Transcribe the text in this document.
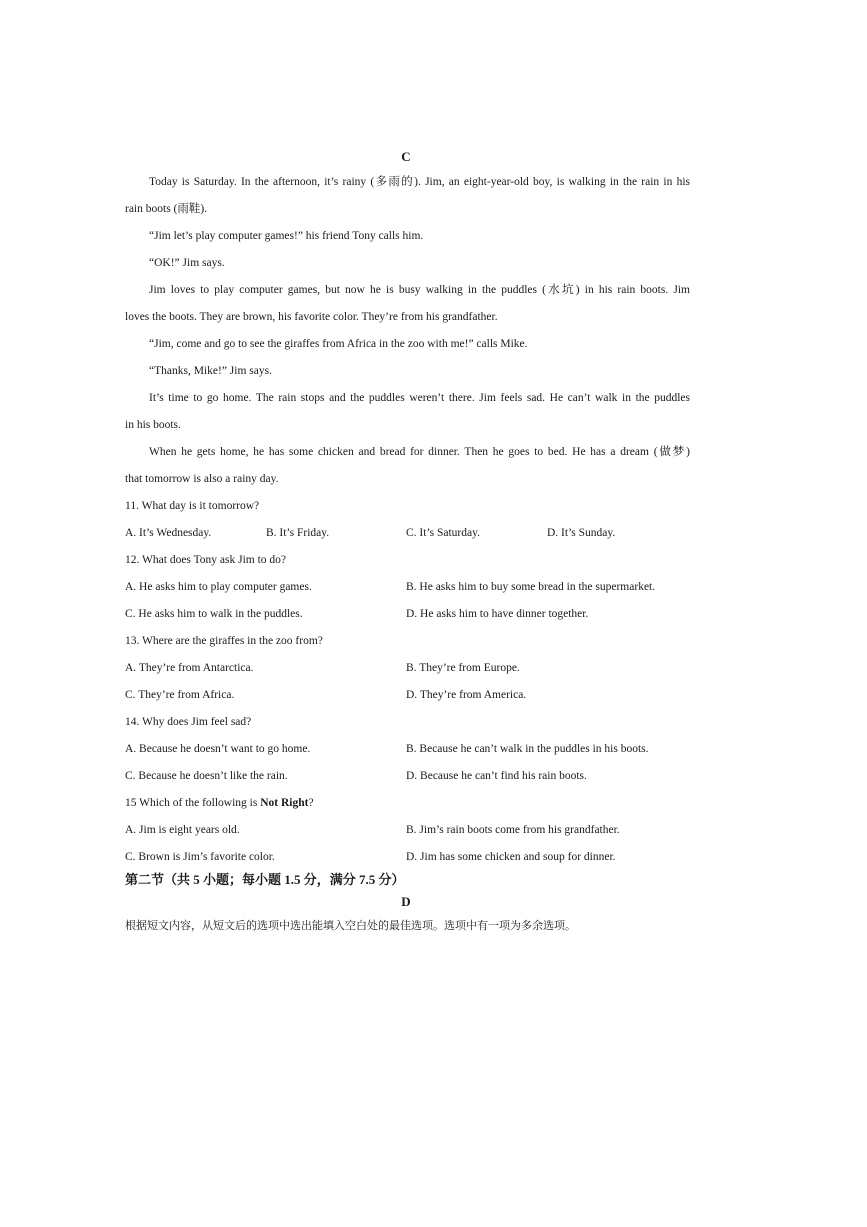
C
Today is Saturday. In the afternoon, it’s rainy (多雨的). Jim, an eight-year-old boy, is walking in the rain in his
rain boots (雨鞋).
“Jim let’s play computer games!” his friend Tony calls him.
“OK!” Jim says.
Jim loves to play computer games, but now he is busy walking in the puddles (水坑) in his rain boots. Jim
loves the boots. They are brown, his favorite color. They’re from his grandfather.
“Jim, come and go to see the giraffes from Africa in the zoo with me!” calls Mike.
“Thanks, Mike!” Jim says.
It’s time to go home. The rain stops and the puddles weren’t there. Jim feels sad. He can’t walk in the puddles
in his boots.
When he gets home, he has some chicken and bread for dinner. Then he goes to bed. He has a dream (做梦)
that tomorrow is also a rainy day.
11. What day is it tomorrow?
A. It’s Wednesday.	B. It’s Friday.	C. It’s Saturday.	D. It’s Sunday.
12. What does Tony ask Jim to do?
A. He asks him to play computer games.	B. He asks him to buy some bread in the supermarket.
C. He asks him to walk in the puddles.	D. He asks him to have dinner together.
13. Where are the giraffes in the zoo from?
A. They’re from Antarctica.	B. They’re from Europe.
C. They’re from Africa.	D. They’re from America.
14. Why does Jim feel sad?
A. Because he doesn’t want to go home.	B. Because he can’t walk in the puddles in his boots.
C. Because he doesn’t like the rain.	D. Because he can’t find his rain boots.
15 Which of the following is Not Right?
A. Jim is eight years old.	B. Jim’s rain boots come from his grandfather.
C. Brown is Jim’s favorite color.	D. Jim has some chicken and soup for dinner.
第二节（共 5 小题；每小题 1.5 分，满分 7.5 分）
D
根据短文内容，从短文后的选项中选出能填入空白处的最佳选项。选项中有一项为多余选项。
